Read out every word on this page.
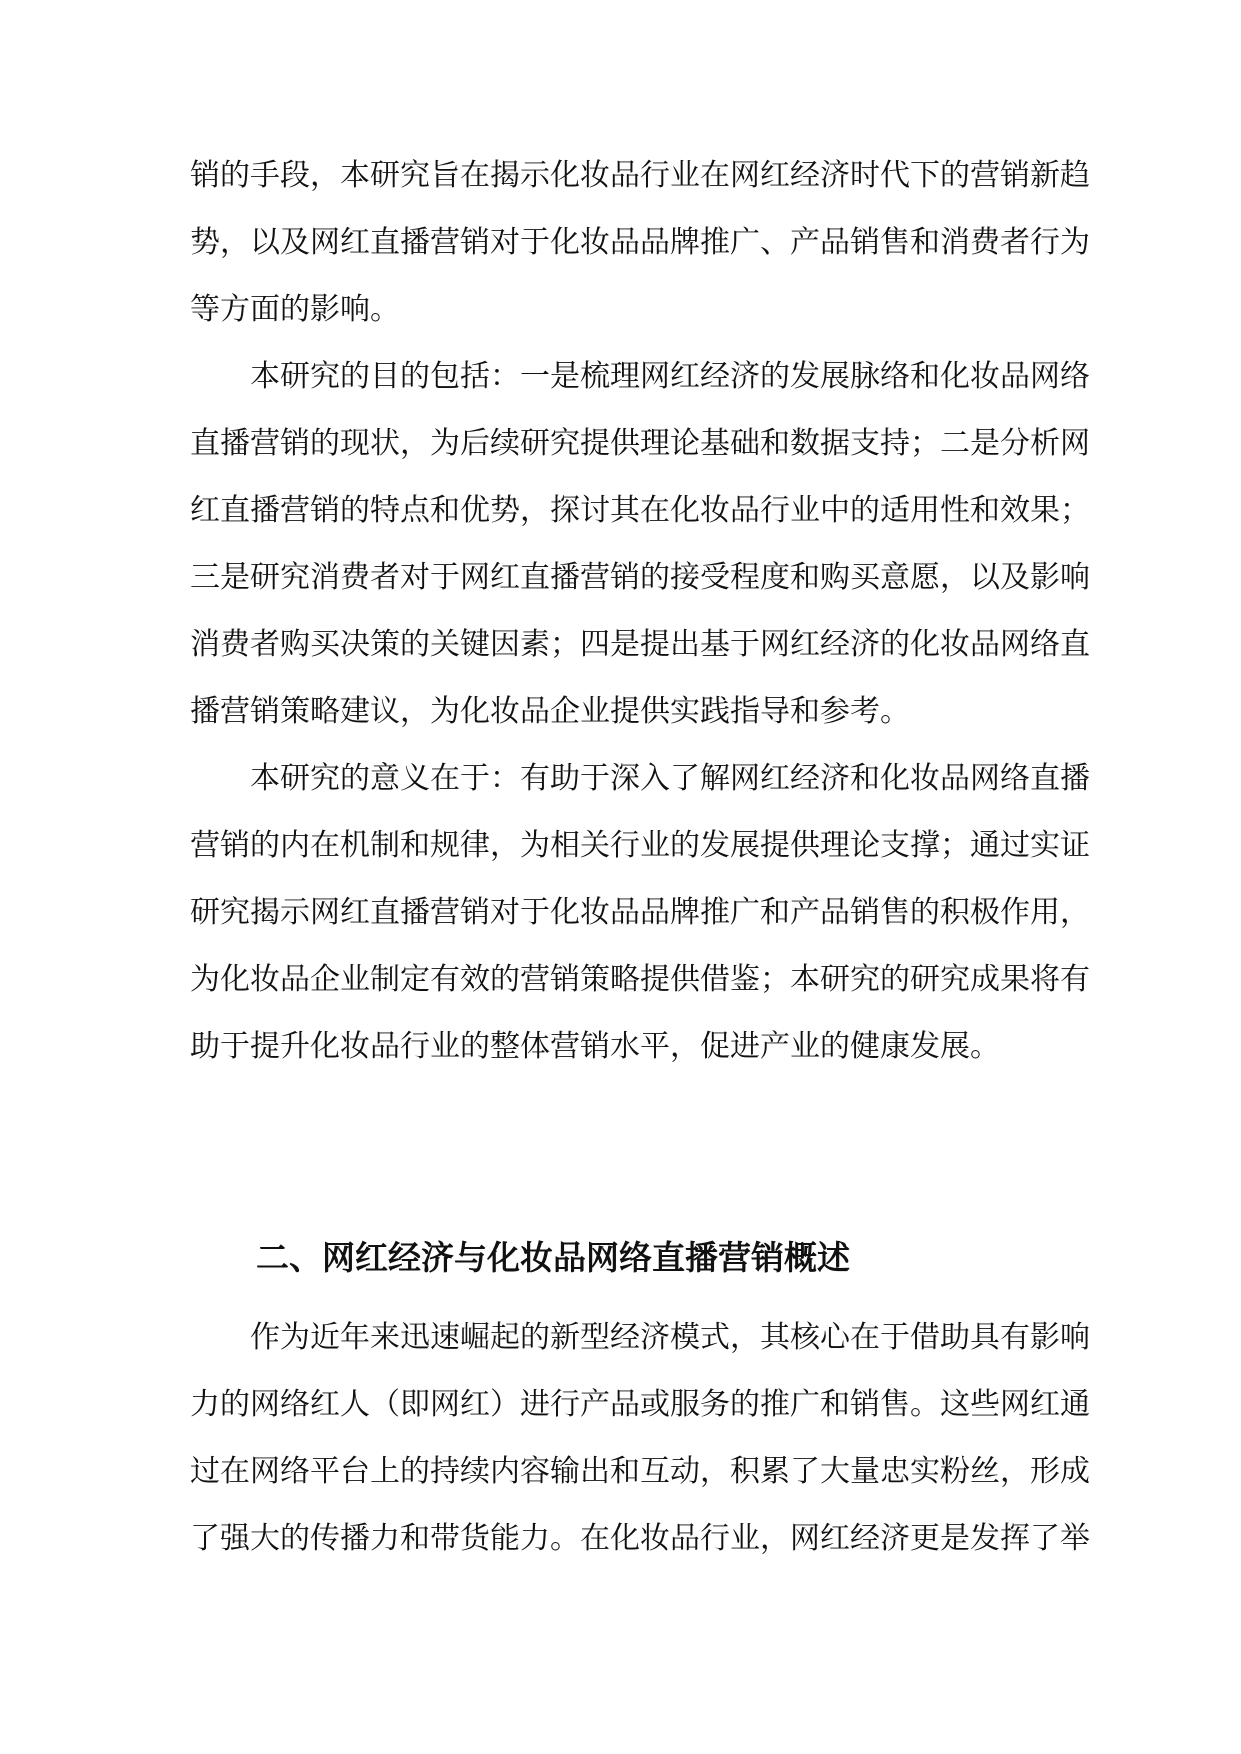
销的手段，本研究旨在揭示化妆品行业在网红经济时代下的营销新趋
势，以及网红直播营销对于化妆品品牌推广、产品销售和消费者行为
等方面的影响。
本研究的目的包括：一是梳理网红经济的发展脉络和化妆品网络
直播营销的现状，为后续研究提供理论基础和数据支持；二是分析网
红直播营销的特点和优势，探讨其在化妆品行业中的适用性和效果；
三是研究消费者对于网红直播营销的接受程度和购买意愿，以及影响
消费者购买决策的关键因素；四是提出基于网红经济的化妆品网络直
播营销策略建议，为化妆品企业提供实践指导和参考。
本研究的意义在于：有助于深入了解网红经济和化妆品网络直播
营销的内在机制和规律，为相关行业的发展提供理论支撑；通过实证
研究揭示网红直播营销对于化妆品品牌推广和产品销售的积极作用，
为化妆品企业制定有效的营销策略提供借鉴；本研究的研究成果将有
助于提升化妆品行业的整体营销水平，促进产业的健康发展。
二、网红经济与化妆品网络直播营销概述
作为近年来迅速崛起的新型经济模式，其核心在于借助具有影响
力的网络红人（即网红）进行产品或服务的推广和销售。这些网红通
过在网络平台上的持续内容输出和互动，积累了大量忠实粉丝，形成
了强大的传播力和带货能力。在化妆品行业，网红经济更是发挥了举
